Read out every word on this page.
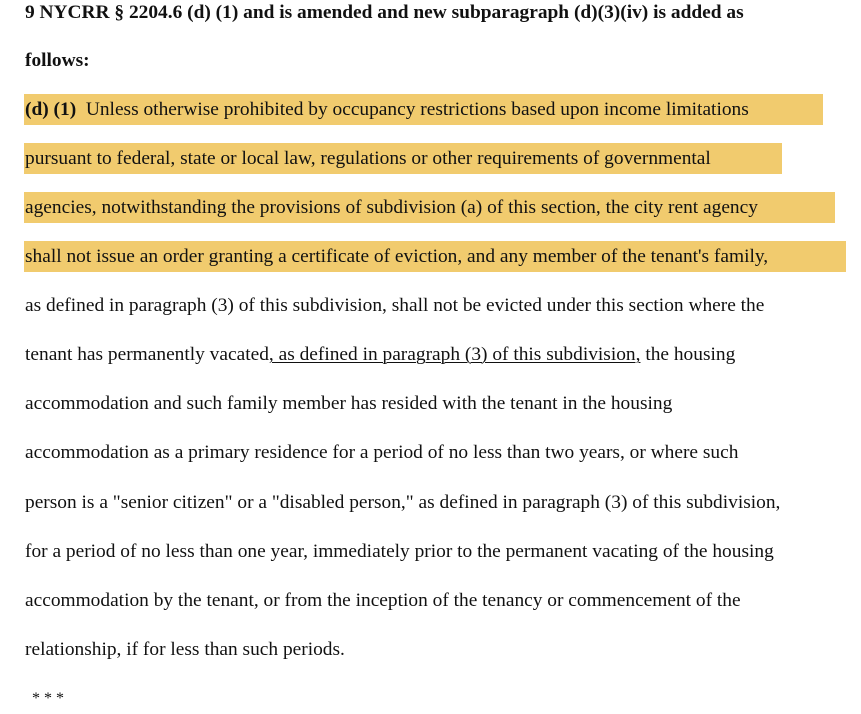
9 NYCRR § 2204.6 (d) (1) and is amended and new subparagraph (d)(3)(iv) is added as
follows:
(d) (1) Unless otherwise prohibited by occupancy restrictions based upon income limitations
pursuant to federal, state or local law, regulations or other requirements of governmental
agencies, notwithstanding the provisions of subdivision (a) of this section, the city rent agency
shall not issue an order granting a certificate of eviction, and any member of the tenant's family,
as defined in paragraph (3) of this subdivision, shall not be evicted under this section where the
tenant has permanently vacated, as defined in paragraph (3) of this subdivision, the housing
accommodation and such family member has resided with the tenant in the housing
accommodation as a primary residence for a period of no less than two years, or where such
person is a "senior citizen" or a "disabled person," as defined in paragraph (3) of this subdivision,
for a period of no less than one year, immediately prior to the permanent vacating of the housing
accommodation by the tenant, or from the inception of the tenancy or commencement of the
relationship, if for less than such periods.
* * *
